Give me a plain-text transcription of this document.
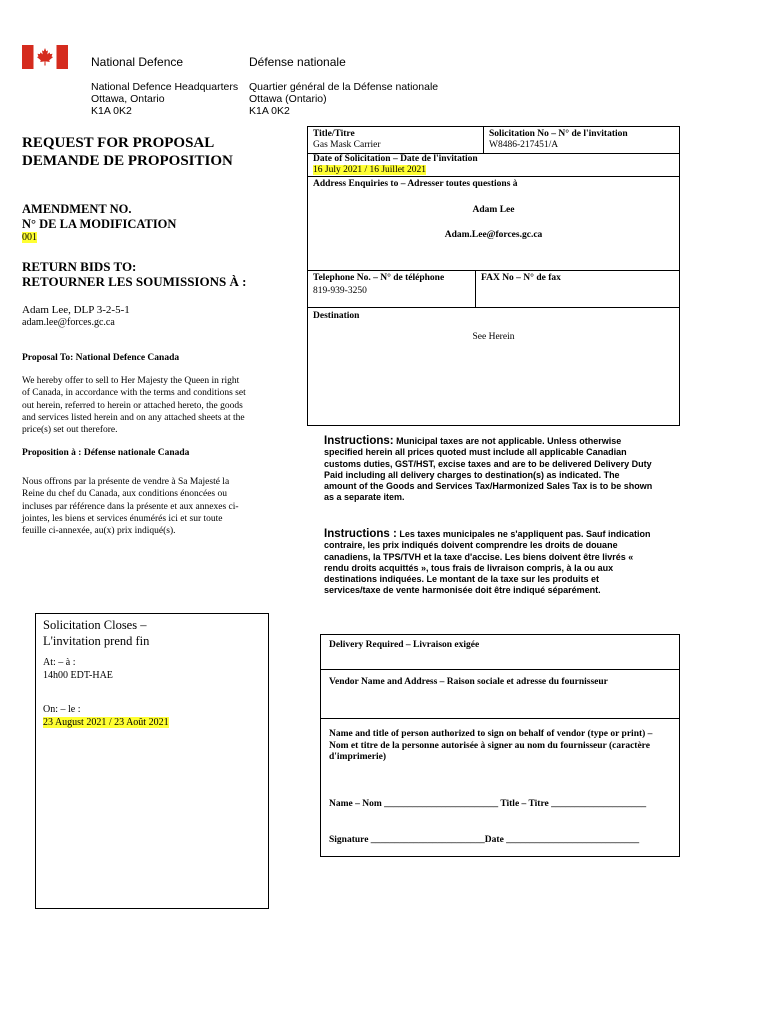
National Defence	Défense nationale
National Defence Headquarters
Ottawa, Ontario
K1A 0K2
Quartier général de la Défense nationale
Ottawa (Ontario)
K1A 0K2
REQUEST FOR PROPOSAL
DEMANDE DE PROPOSITION
AMENDMENT NO.
N° DE LA MODIFICATION
001
RETURN BIDS TO:
RETOURNER LES SOUMISSIONS À :
Adam Lee, DLP 3-2-5-1
adam.lee@forces.gc.ca
Proposal To: National Defence Canada
We hereby offer to sell to Her Majesty the Queen in right of Canada, in accordance with the terms and conditions set out herein, referred to herein or attached hereto, the goods and services listed herein and on any attached sheets at the price(s) set out therefore.
Proposition à : Défense nationale Canada
Nous offrons par la présente de vendre à Sa Majesté la Reine du chef du Canada, aux conditions énoncées ou incluses par référence dans la présente et aux annexes ci-jointes, les biens et services énumérés ici et sur toute feuille ci-annexée, au(x) prix indiqué(s).
Title/Titre
Gas Mask Carrier
Solicitation No – N° de l'invitation
W8486-217451/A
Date of Solicitation – Date de l'invitation
16 July 2021 / 16 Juillet 2021
Address Enquiries to – Adresser toutes questions à
Adam Lee
Adam.Lee@forces.gc.ca
Telephone No. – N° de téléphone
819-939-3250
FAX No – N° de fax
Destination
See Herein
Instructions: Municipal taxes are not applicable. Unless otherwise specified herein all prices quoted must include all applicable Canadian customs duties, GST/HST, excise taxes and are to be delivered Delivery Duty Paid including all delivery charges to destination(s) as indicated. The amount of the Goods and Services Tax/Harmonized Sales Tax is to be shown as a separate item.
Instructions : Les taxes municipales ne s'appliquent pas. Sauf indication contraire, les prix indiqués doivent comprendre les droits de douane canadiens, la TPS/TVH et la taxe d'accise. Les biens doivent être livrés « rendu droits acquittés », tous frais de livraison compris, à la ou aux destinations indiquées. Le montant de la taxe sur les produits et services/taxe de vente harmonisée doit être indiqué séparément.
Solicitation Closes –
L'invitation prend fin
At: – à :
14h00 EDT-HAE
On: – le :
23 August 2021 / 23 Août 2021
Delivery Required – Livraison exigée
Vendor Name and Address – Raison sociale et adresse du fournisseur
Name and title of person authorized to sign on behalf of vendor (type or print) – Nom et titre de la personne autorisée à signer au nom du fournisseur (caractère d'imprimerie)
Name – Nom ________________________ Title – Titre ____________________
Signature ________________________Date ____________________________
